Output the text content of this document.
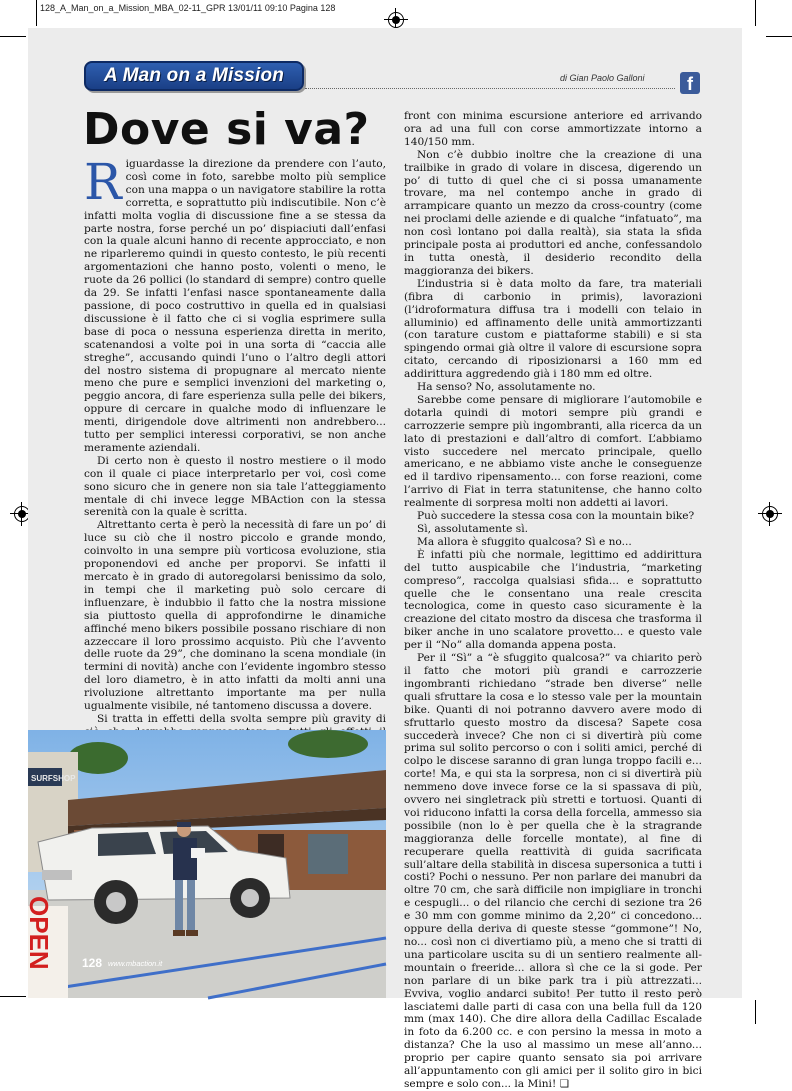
128_A_Man_on_a_Mission_MBA_02-11_GPR 13/01/11 09:10 Pagina 128
A Man on a Mission	di Gian Paolo Galloni	f
Dove si va?
R iguardasse la direzione da prendere con l’auto, così come in foto, sarebbe molto più semplice con una mappa o un navigatore stabilire la rotta corretta, e soprattutto più indiscutibile. Non c’è infatti molta voglia di discussione fine a se stessa da parte nostra, forse perché un po’ dispiaciuti dall’enfasi con la quale alcuni hanno di recente approcciato, e non ne riparleremo quindi in questo contesto, le più recenti argomentazioni che hanno posto, volenti o meno, le ruote da 26 pollici (lo standard di sempre) contro quelle da 29. Se infatti l’enfasi nasce spontaneamente dalla passione, di poco costruttivo in quella ed in qualsiasi discussione è il fatto che ci si voglia esprimere sulla base di poca o nessuna esperienza diretta in merito, scatenandosi a volte poi in una sorta di “caccia alle streghe”, accusando quindi l’uno o l’altro degli attori del nostro sistema di propugnare al mercato niente meno che pure e semplici invenzioni del marketing o, peggio ancora, di fare esperienza sulla pelle dei bikers, oppure di cercare in qualche modo di influenzare le menti, dirigendole dove altrimenti non andrebbero... tutto per semplici interessi corporativi, se non anche meramente aziendali.

Di certo non è questo il nostro mestiere o il modo con il quale ci piace interpretarlo per voi, così come sono sicuro che in genere non sia tale l’atteggiamento mentale di chi invece legge MBAction con la stessa serenità con la quale è scritta.

Altrettanto certa è però la necessità di fare un po’ di luce su ciò che il nostro piccolo e grande mondo, coinvolto in una sempre più vorticosa evoluzione, stia proponendovi ed anche per proporvi. Se infatti il mercato è in grado di autoregolarsi benissimo da solo, in tempi che il marketing può solo cercare di influenzare, è indubbio il fatto che la nostra missione sia piuttosto quella di approfondirne le dinamiche affinché meno bikers possibile possano rischiare di non azzeccare il loro prossimo acquisto. Più che l’avvento delle ruote da 29”, che dominano la scena mondiale (in termini di novità) anche con l’evidente ingombro stesso del loro diametro, è in atto infatti da molti anni una rivoluzione altrettanto importante ma per nulla ugualmente visibile, né tantomeno discussa a dovere.

Si tratta in effetti della svolta sempre più gravity di

front con minima escursione anteriore ed arrivando ora ad una full con corse ammortizzate intorno a 140/150 mm.

Non c’è dubbio inoltre che la creazione di una trailbike in grado di volare in discesa, digerendo un po’ di tutto di quel che ci si possa umanamente trovare, ma nel contempo anche in grado di arrampicare quanto un mezzo da cross-country (come nei proclami delle aziende e di qualche “infatuato”, ma non così lontano poi dalla realtà), sia stata la sfida principale posta ai produttori ed anche, confessandolo in tutta onestà, il desiderio recondito della maggioranza dei bikers.

L’industria si è data molto da fare, tra materiali (fibra di carbonio in primis), lavorazioni (l’idroformatura diffusa tra i modelli con telaio in alluminio) ed affinamento delle unità ammortizzanti (con tarature custom e piattaforme stabili) e si sta spingendo ormai già oltre il valore di escursione sopra citato, cercando di riposizionarsi a 160 mm ed addirittura aggredendo già i 180 mm ed oltre.

Ha senso? No, assolutamente no.

Sarebbe come pensare di migliorare l’automobile e dotarla quindi di motori sempre più grandi e carrozzerie sempre più ingombranti, alla ricerca da un lato di prestazioni e dall’altro di comfort. L’abbiamo visto succedere nel mercato principale, quello americano, e ne abbiamo viste anche le conseguenze ed il tardivo ripensamento... con forse reazioni, come l’arrivo di Fiat in terra statunitense, che hanno colto realmente di sorpresa molti non addetti ai lavori.

Può succedere la stessa cosa con la mountain bike?

Sì, assolutamente sì.

Ma allora è sfuggito qualcosa? Sì e no...

È infatti più che normale, legittimo ed addirittura del tutto auspicabile che l’industria, “marketing compreso”, raccolga qualsiasi sfida... e soprattutto quelle che le consentano una reale crescita tecnologica, come in questo caso sicuramente è la creazione del citato mostro da discesa che trasforma il biker anche in uno scalatore provetto... e questo vale per il “No” alla domanda appena posta.

Per il “Sì” a “è sfuggito qualcosa?” va chiarito però il fatto che motori più grandi e carrozzerie ingombranti richiedano “strade ben diverse” nelle quali sfruttare la cosa e lo stesso vale per la mountain bike. Quanti di noi potranno davvero avere modo di sfruttarlo questo mostro da discesa? Sapete cosa succederà invece? Che non ci si divertirà più come prima sul solito percorso o con i soliti amici, perché di colpo le discese saranno di gran lunga troppo facili e... corte! Ma, e qui sta la sorpresa, non ci si divertirà più nemmeno dove invece forse ce la si spassava di più, ovvero nei singletrack più stretti e tortuosi. Quanti di voi riducono infatti la corsa della forcella, ammesso sia possibile (non lo è per quella che è la stragrande maggioranza delle forcelle montate), al fine di recuperare quella reattività di guida sacrificata sull’altare della stabilità in discesa supersonica a tutti i costi? Pochi o nessuno. Per non parlare dei manubri da oltre 70 cm, che sarà difficile non impigliare in tronchi e cespugli... o del rilancio che cerchi di sezione tra 26 e 30 mm con gomme minimo da 2,20” ci concedono... oppure della deriva di queste stesse “gommone”! No, no... così non ci divertiamo più, a meno che si tratti di una particolare uscita su di un sentiero realmente all-mountain o freeride... allora sì che ce la si gode. Per non parlare di un bike park tra i più attrezzati... Evviva, voglio andarci subito! Per tutto il resto però lasciatemi dalle parti di casa con una bella full da 120 mm (max 140). Che dire allora della Cadillac Escalade in foto da 6.200 cc. e con persino la messa in moto a distanza? Che la uso al massimo un mese all’anno... proprio per capire quanto sensato sia poi arrivare all’appuntamento con gli amici per il solito giro in bici sempre e solo con... la Mini! ❏

SURFSHOP
OPEN 128 www.mbaction.it
